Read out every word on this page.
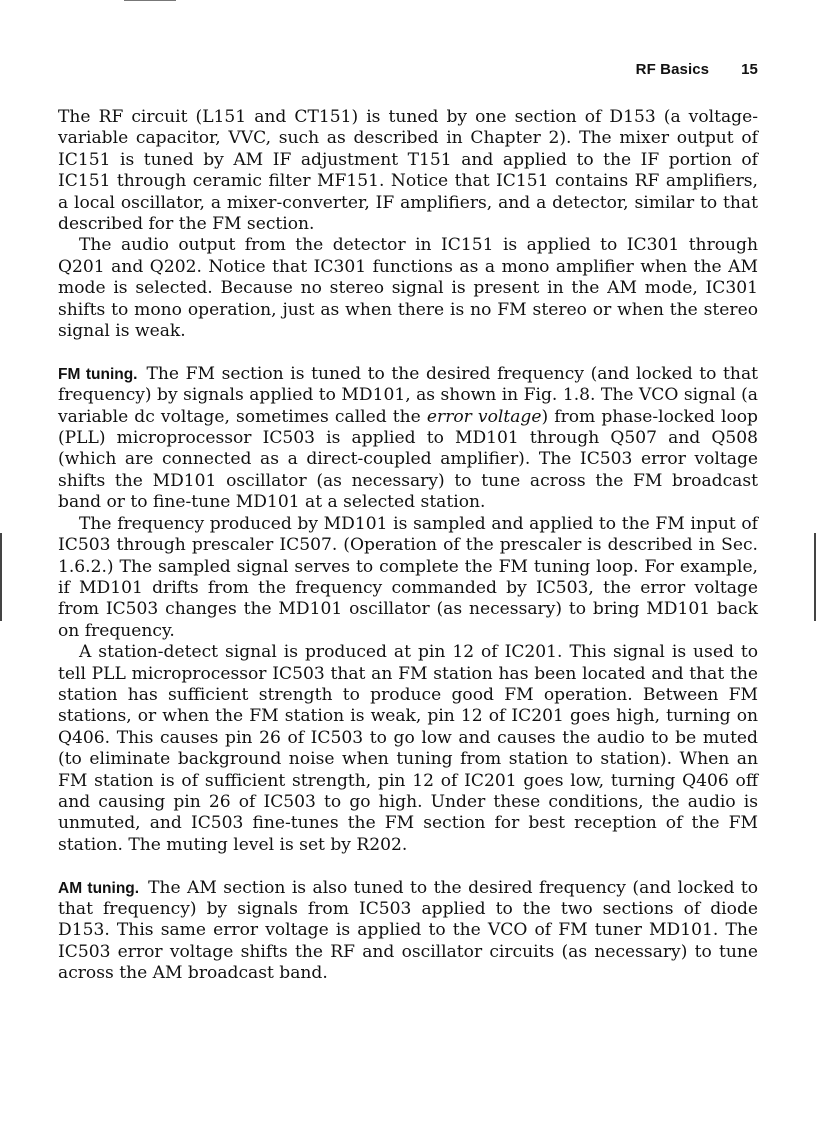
RF Basics 15

The RF circuit (L151 and CT151) is tuned by one section of D153 (a voltage-variable capacitor, VVC, such as described in Chapter 2). The mixer output of IC151 is tuned by AM IF adjustment T151 and applied to the IF portion of IC151 through ceramic filter MF151. Notice that IC151 contains RF amplifiers, a local oscillator, a mixer-converter, IF amplifiers, and a detector, similar to that described for the FM section.

The audio output from the detector in IC151 is applied to IC301 through Q201 and Q202. Notice that IC301 functions as a mono amplifier when the AM mode is selected. Because no stereo signal is present in the AM mode, IC301 shifts to mono operation, just as when there is no FM stereo or when the stereo signal is weak.

FM tuning. The FM section is tuned to the desired frequency (and locked to that frequency) by signals applied to MD101, as shown in Fig. 1.8. The VCO signal (a variable dc voltage, sometimes called the error voltage) from phase-locked loop (PLL) microprocessor IC503 is applied to MD101 through Q507 and Q508 (which are connected as a direct-coupled amplifier). The IC503 error voltage shifts the MD101 oscillator (as necessary) to tune across the FM broadcast band or to fine-tune MD101 at a selected station.

The frequency produced by MD101 is sampled and applied to the FM input of IC503 through prescaler IC507. (Operation of the prescaler is described in Sec. 1.6.2.) The sampled signal serves to complete the FM tuning loop. For example, if MD101 drifts from the frequency commanded by IC503, the error voltage from IC503 changes the MD101 oscillator (as necessary) to bring MD101 back on frequency.

A station-detect signal is produced at pin 12 of IC201. This signal is used to tell PLL microprocessor IC503 that an FM station has been located and that the station has sufficient strength to produce good FM operation. Between FM stations, or when the FM station is weak, pin 12 of IC201 goes high, turning on Q406. This causes pin 26 of IC503 to go low and causes the audio to be muted (to eliminate background noise when tuning from station to station). When an FM station is of sufficient strength, pin 12 of IC201 goes low, turning Q406 off and causing pin 26 of IC503 to go high. Under these conditions, the audio is unmuted, and IC503 fine-tunes the FM section for best reception of the FM station. The muting level is set by R202.

AM tuning. The AM section is also tuned to the desired frequency (and locked to that frequency) by signals from IC503 applied to the two sections of diode D153. This same error voltage is applied to the VCO of FM tuner MD101. The IC503 error voltage shifts the RF and oscillator circuits (as necessary) to tune across the AM broadcast band.
